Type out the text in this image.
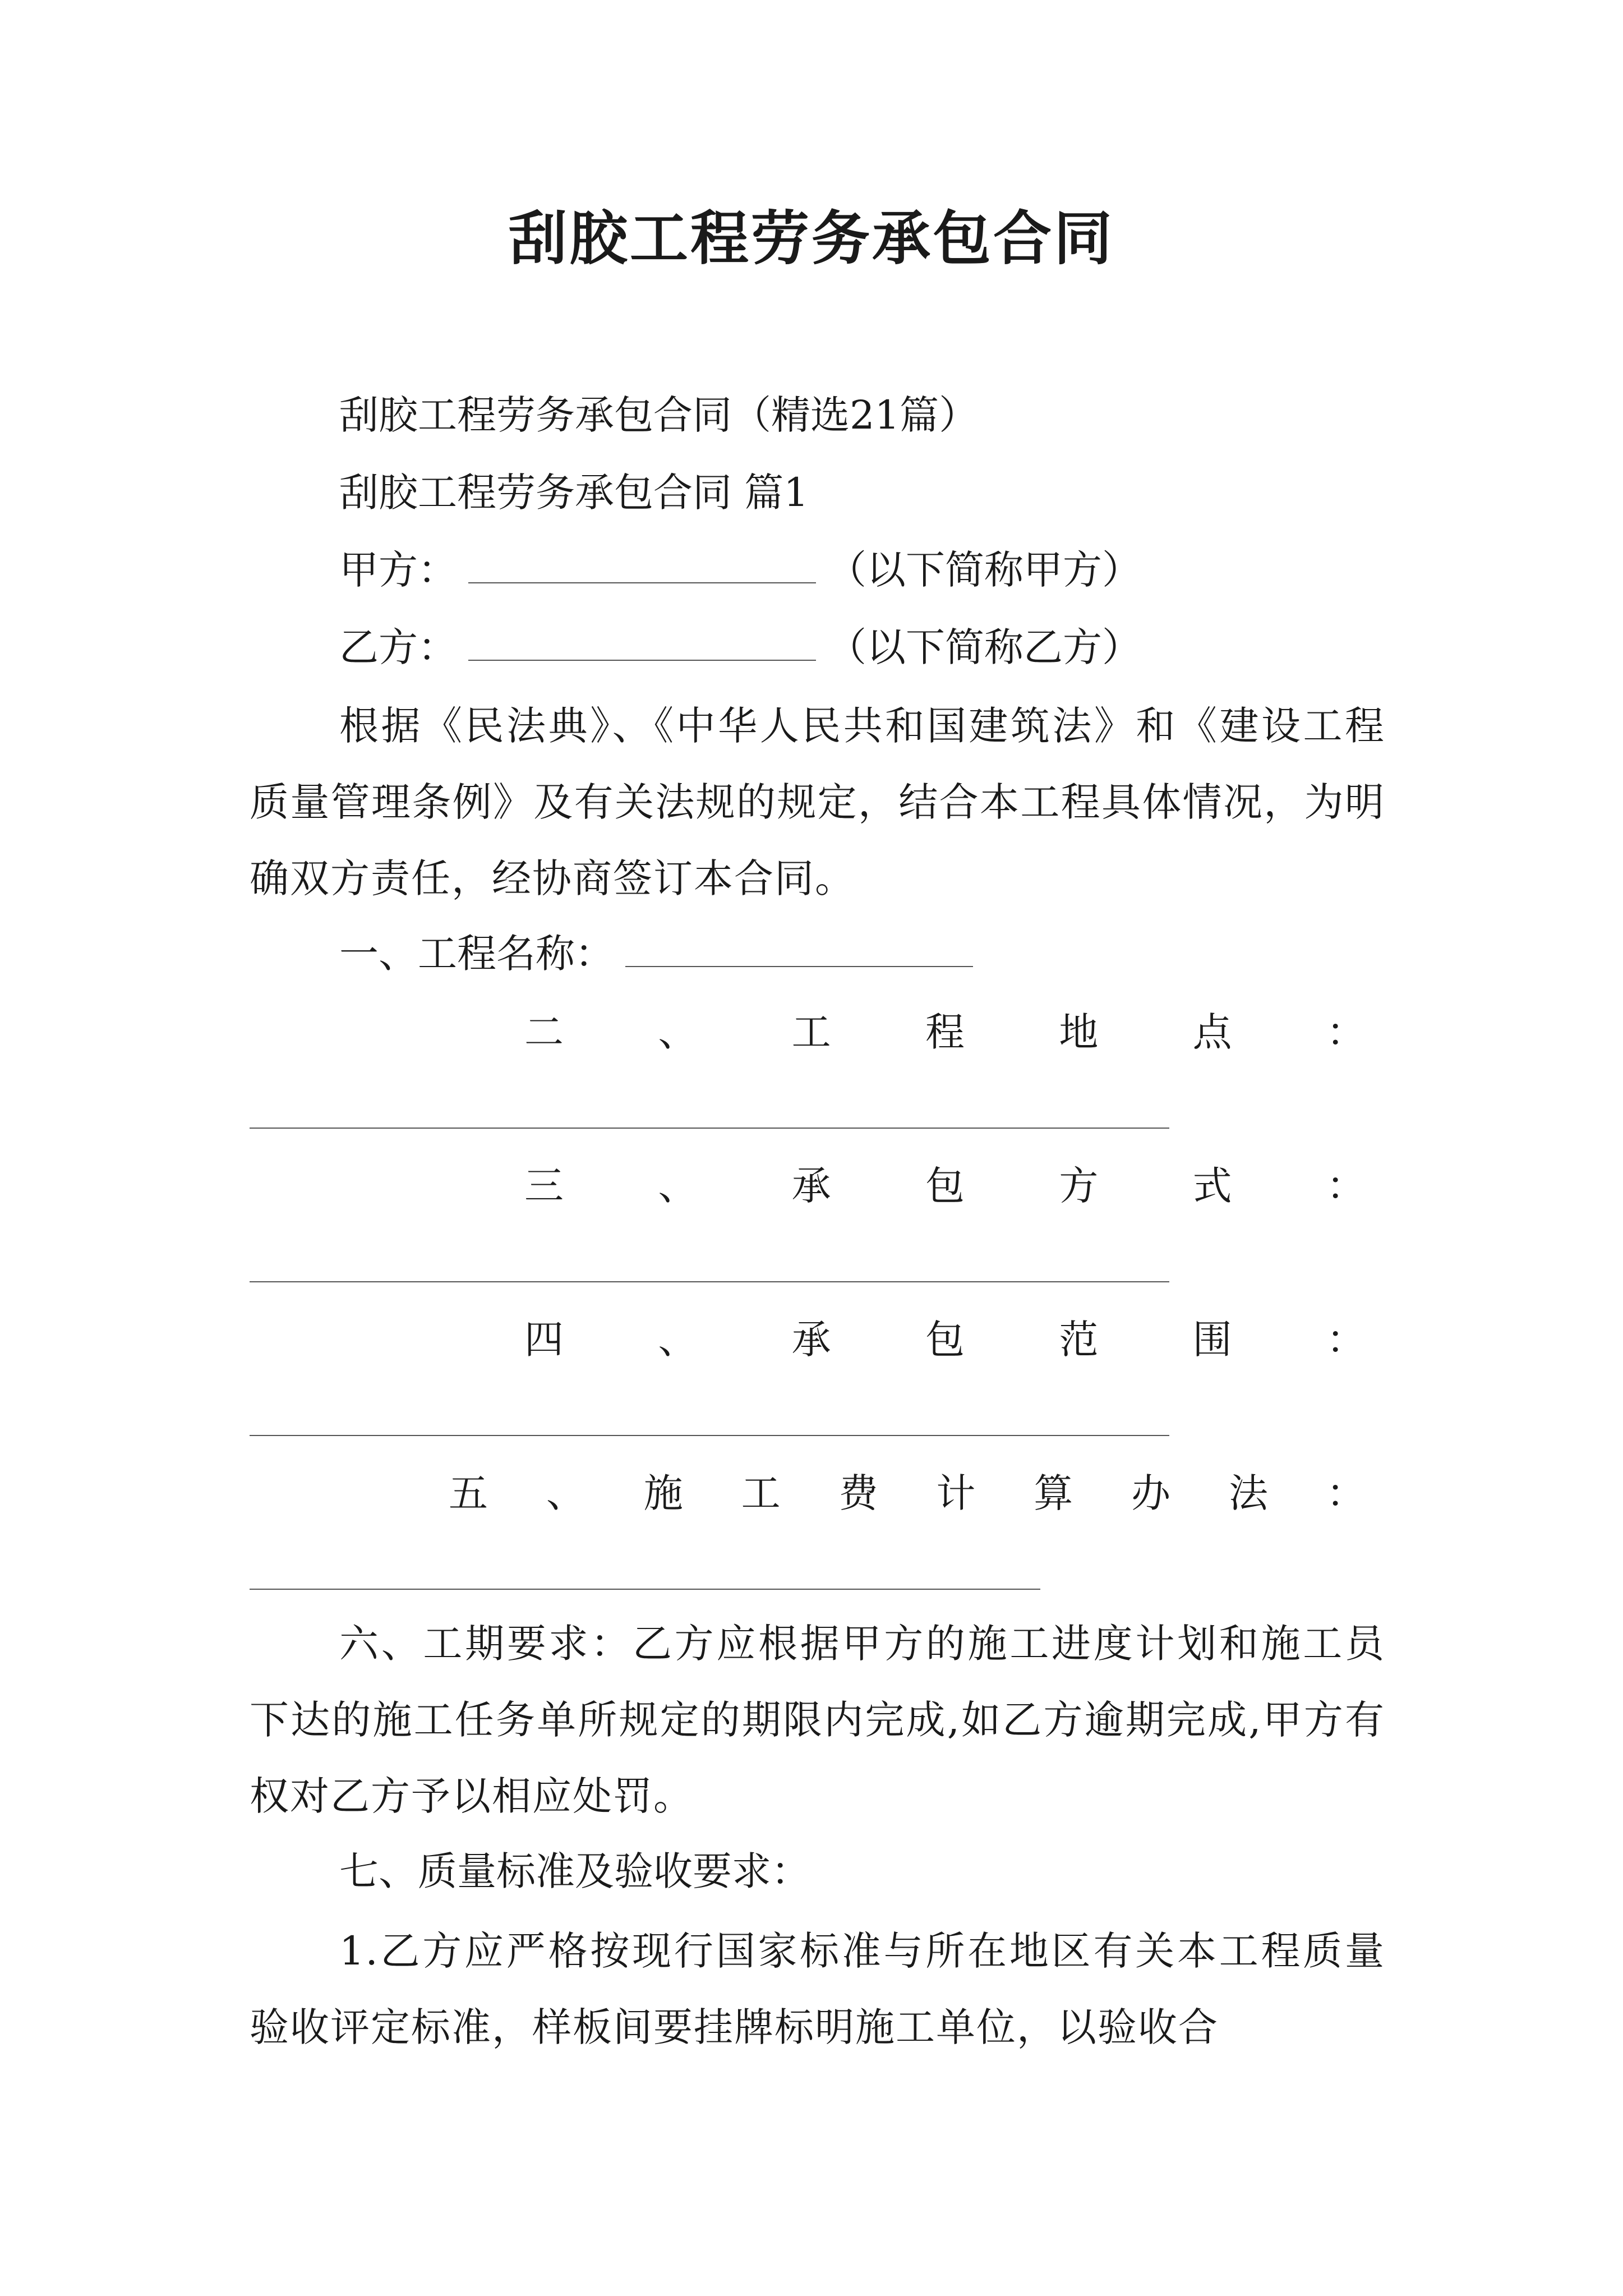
刮胶工程劳务承包合同
刮胶工程劳务承包合同（精选21篇）
刮胶工程劳务承包合同 篇1
甲方：	（以下简称甲方）
乙方：	（以下简称乙方）
根据《民法典》、《中华人民共和国建筑法》和《建设工程质量管理条例》及有关法规的规定，结合本工程具体情况，为明确双方责任，经协商签订本合同。
一、工程名称：
二 、 工 程 地 点 ：
三 、 承 包 方 式 ：
四 、 承 包 范 围 ：
五 、 施 工 费 计 算 办 法 ：
六、工期要求：乙方应根据甲方的施工进度计划和施工员下达的施工任务单所规定的期限内完成,如乙方逾期完成,甲方有权对乙方予以相应处罚。
七、质量标准及验收要求：
1.乙方应严格按现行国家标准与所在地区有关本工程质量验收评定标准，样板间要挂牌标明施工单位，以验收合
